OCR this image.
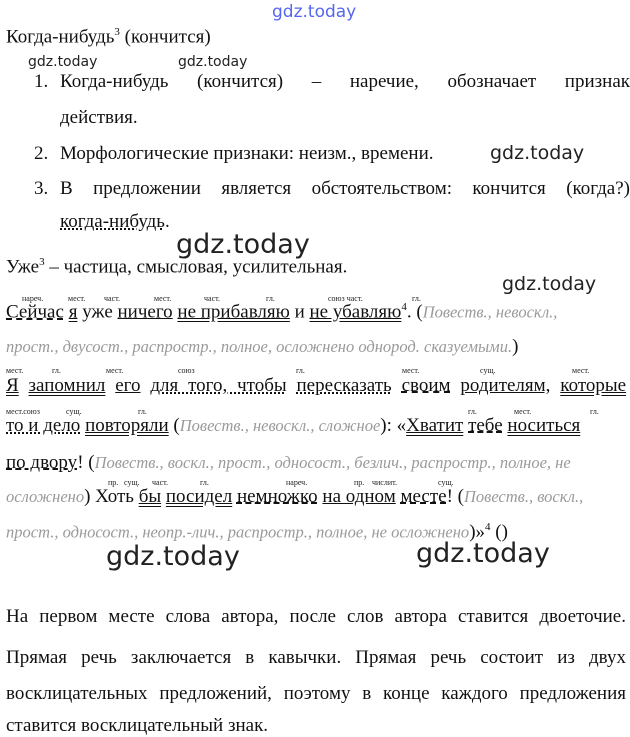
gdz.today
Когда-нибудь$^3$ (кончится)
gdz.today	gdz.today
1. Когда-нибудь (кончится) – наречие, обозначает признак
действия.
2. Морфологические признаки: неизм., времени.	gdz.today
3. В предложении является обстоятельством: кончится (когда?)
когда-нибудь.
gdz.today
Уже$^3$ – частица, смысловая, усилительная.
gdz.today
нареч.	мест. част.	мест.	част.	гл.	союз част.	гл.
Сейчас я уже ничего не прибавляю и не убавляю$^4$. (Повеств., невоскл.,
прост., двусост., распростр., полное, осложнено однород. сказуемыми.)
мест.	гл.	мест.	союз	гл.	мест.	сущ.	мест.
Я запомнил его для того, чтобы пересказать своим родителям, которые
мест.союз	сущ.	гл.	гл.	мест.	гл.
то и дело повторяли (Повеств., невоскл., сложное): «Хватит тебе носиться
по двору! (Повеств., воскл., прост., односост., безлич., распростр., полное, не
пр. сущ. част.	гл.	нареч.	пр. числит.	сущ.
осложнено) Хоть бы посидел немножко на одном месте! (Повеств., воскл.,
прост., односост., неопр.-лич., распростр., полное, не осложнено)»$^4$ ()
gdz.today	gdz.today
На первом месте слова автора, после слов автора ставится двоеточие.
Прямая речь заключается в кавычки. Прямая речь состоит из двух
восклицательных предложений, поэтому в конце каждого предложения
ставится восклицательный знак.
